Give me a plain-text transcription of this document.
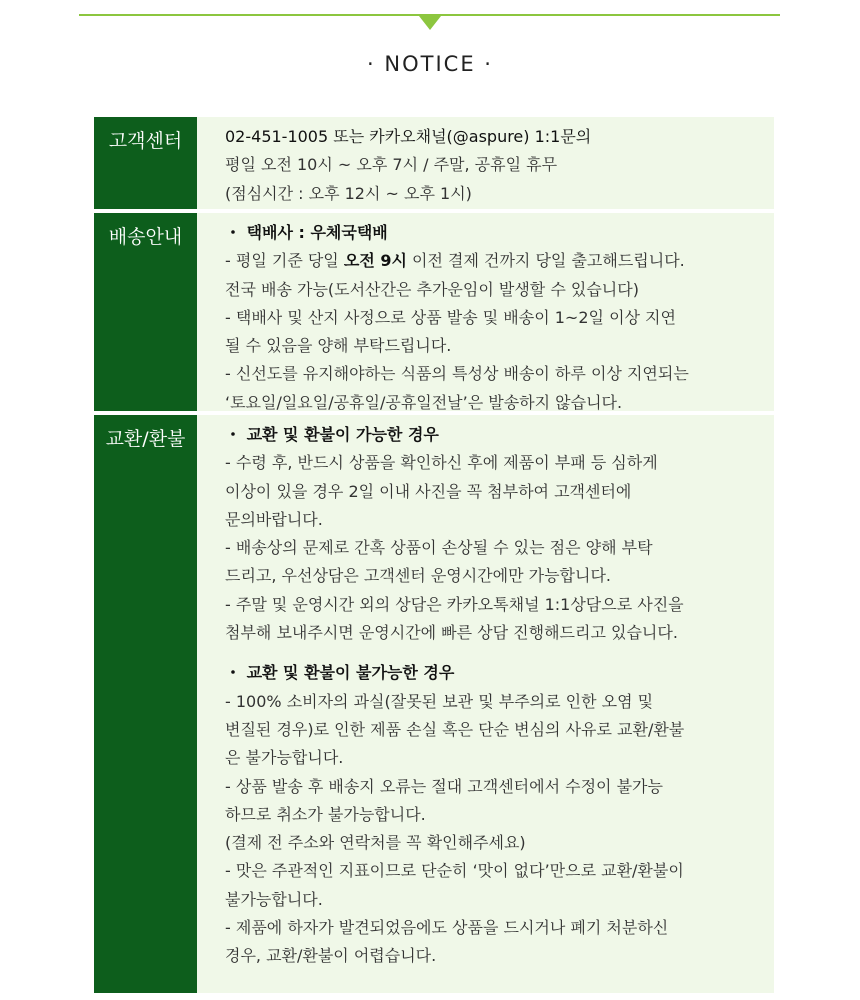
· NOTICE ·
고객센터	02-451-1005 또는 카카오채널(@aspure) 1:1문의
평일 오전 10시 ~ 오후 7시 / 주말, 공휴일 휴무
(점심시간 : 오후 12시 ~ 오후 1시)
배송안내	・ 택배사 : 우체국택배
- 평일 기준 당일 오전 9시 이전 결제 건까지 당일 출고해드립니다.
전국 배송 가능(도서산간은 추가운임이 발생할 수 있습니다)
- 택배사 및 산지 사정으로 상품 발송 및 배송이 1~2일 이상 지연
될 수 있음을 양해 부탁드립니다.
- 신선도를 유지해야하는 식품의 특성상 배송이 하루 이상 지연되는
‘토요일/일요일/공휴일/공휴일전날’은 발송하지 않습니다.
교환/환불	・ 교환 및 환불이 가능한 경우
- 수령 후, 반드시 상품을 확인하신 후에 제품이 부패 등 심하게
이상이 있을 경우 2일 이내 사진을 꼭 첨부하여 고객센터에
문의바랍니다.
- 배송상의 문제로 간혹 상품이 손상될 수 있는 점은 양해 부탁
드리고, 우선상담은 고객센터 운영시간에만 가능합니다.
- 주말 및 운영시간 외의 상담은 카카오톡채널 1:1상담으로 사진을
첨부해 보내주시면 운영시간에 빠른 상담 진행해드리고 있습니다.
・ 교환 및 환불이 불가능한 경우
- 100% 소비자의 과실(잘못된 보관 및 부주의로 인한 오염 및
변질된 경우)로 인한 제품 손실 혹은 단순 변심의 사유로 교환/환불
은 불가능합니다.
- 상품 발송 후 배송지 오류는 절대 고객센터에서 수정이 불가능
하므로 취소가 불가능합니다.
(결제 전 주소와 연락처를 꼭 확인해주세요)
- 맛은 주관적인 지표이므로 단순히 ‘맛이 없다’만으로 교환/환불이
불가능합니다.
- 제품에 하자가 발견되었음에도 상품을 드시거나 폐기 처분하신
경우, 교환/환불이 어렵습니다.
